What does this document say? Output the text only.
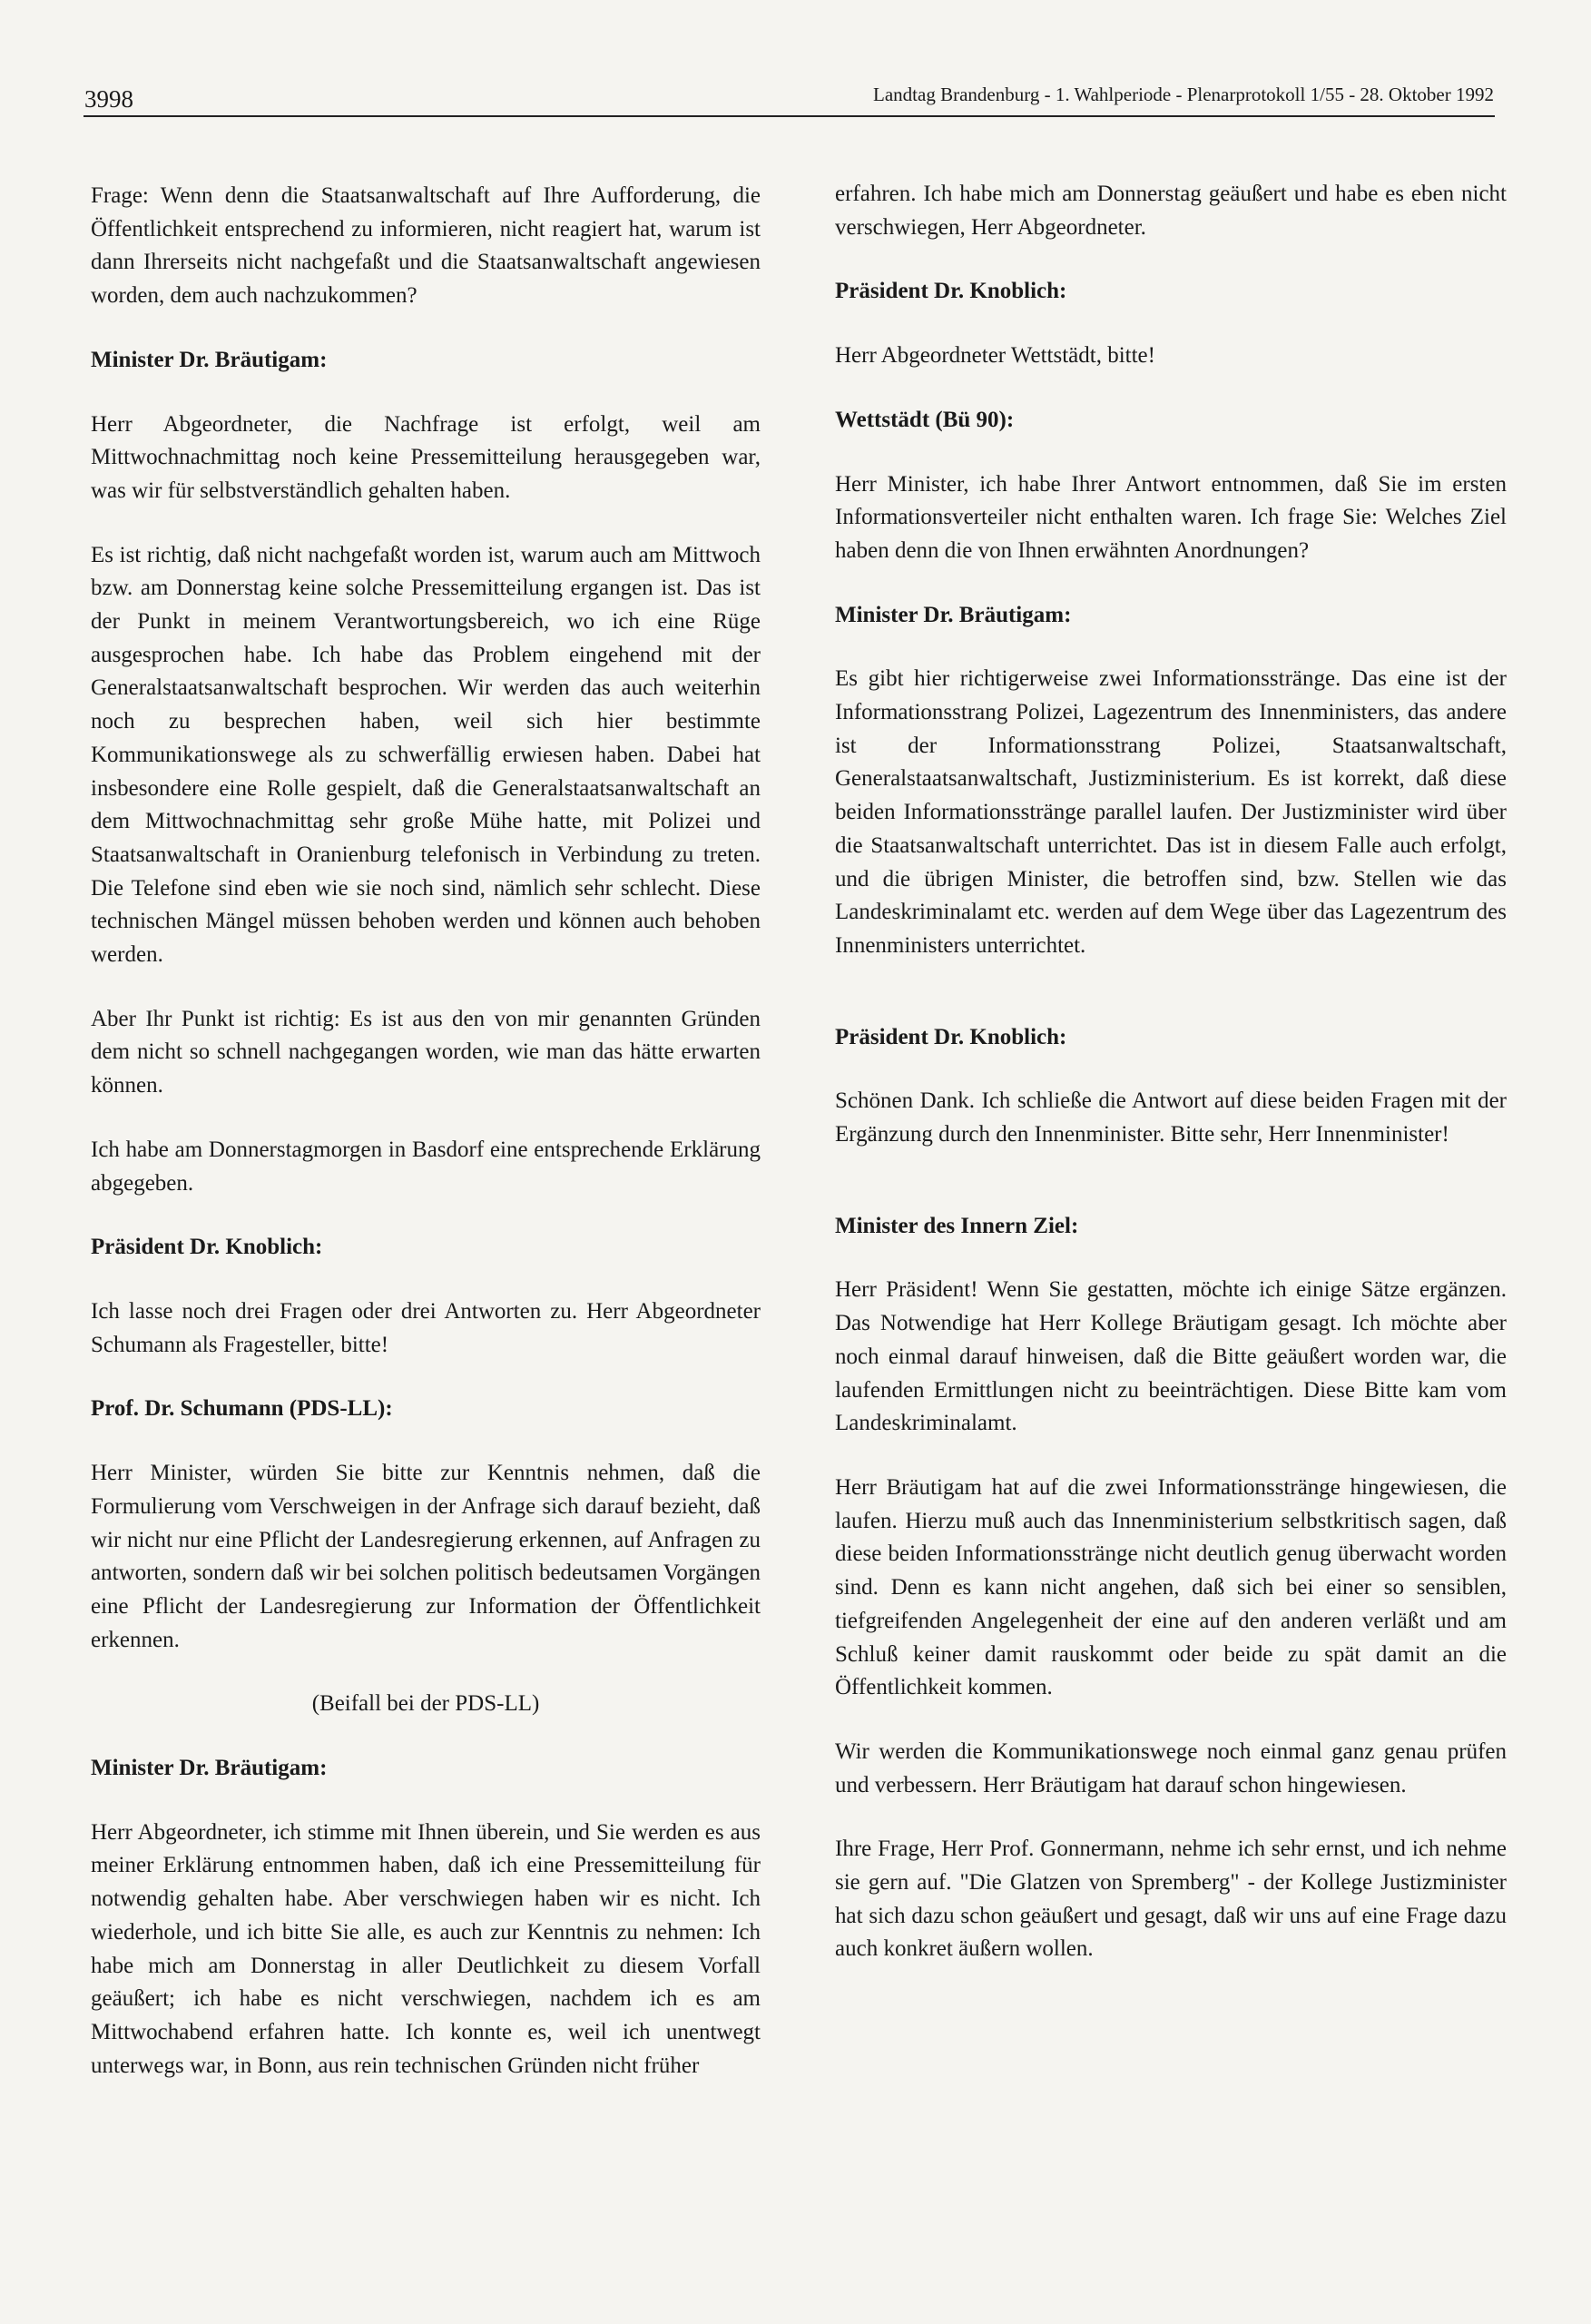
3998	Landtag Brandenburg - 1. Wahlperiode - Plenarprotokoll 1/55 - 28. Oktober 1992

Frage: Wenn denn die Staatsanwaltschaft auf Ihre Aufforderung, die Öffentlichkeit entsprechend zu informieren, nicht reagiert hat, warum ist dann Ihrerseits nicht nachgefaßt und die Staatsanwaltschaft angewiesen worden, dem auch nachzukommen?

Minister Dr. Bräutigam:

Herr Abgeordneter, die Nachfrage ist erfolgt, weil am Mittwochnachmittag noch keine Pressemitteilung herausgegeben war, was wir für selbstverständlich gehalten haben.

Es ist richtig, daß nicht nachgefaßt worden ist, warum auch am Mittwoch bzw. am Donnerstag keine solche Pressemitteilung ergangen ist. Das ist der Punkt in meinem Verantwortungsbereich, wo ich eine Rüge ausgesprochen habe. Ich habe das Problem eingehend mit der Generalstaatsanwaltschaft besprochen. Wir werden das auch weiterhin noch zu besprechen haben, weil sich hier bestimmte Kommunikationswege als zu schwerfällig erwiesen haben. Dabei hat insbesondere eine Rolle gespielt, daß die Generalstaatsanwaltschaft an dem Mittwochnachmittag sehr große Mühe hatte, mit Polizei und Staatsanwaltschaft in Oranienburg telefonisch in Verbindung zu treten. Die Telefone sind eben wie sie noch sind, nämlich sehr schlecht. Diese technischen Mängel müssen behoben werden und können auch behoben werden.

Aber Ihr Punkt ist richtig: Es ist aus den von mir genannten Gründen dem nicht so schnell nachgegangen worden, wie man das hätte erwarten können.

Ich habe am Donnerstagmorgen in Basdorf eine entsprechende Erklärung abgegeben.

Präsident Dr. Knoblich:

Ich lasse noch drei Fragen oder drei Antworten zu. Herr Abgeordneter Schumann als Fragesteller, bitte!

Prof. Dr. Schumann (PDS-LL):

Herr Minister, würden Sie bitte zur Kenntnis nehmen, daß die Formulierung vom Verschweigen in der Anfrage sich darauf bezieht, daß wir nicht nur eine Pflicht der Landesregierung erkennen, auf Anfragen zu antworten, sondern daß wir bei solchen politisch bedeutsamen Vorgängen eine Pflicht der Landesregierung zur Information der Öffentlichkeit erkennen.

(Beifall bei der PDS-LL)

Minister Dr. Bräutigam:

Herr Abgeordneter, ich stimme mit Ihnen überein, und Sie werden es aus meiner Erklärung entnommen haben, daß ich eine Pressemitteilung für notwendig gehalten habe. Aber verschwiegen haben wir es nicht. Ich wiederhole, und ich bitte Sie alle, es auch zur Kenntnis zu nehmen: Ich habe mich am Donnerstag in aller Deutlichkeit zu diesem Vorfall geäußert; ich habe es nicht verschwiegen, nachdem ich es am Mittwochabend erfahren hatte. Ich konnte es, weil ich unentwegt unterwegs war, in Bonn, aus rein technischen Gründen nicht früher

erfahren. Ich habe mich am Donnerstag geäußert und habe es eben nicht verschwiegen, Herr Abgeordneter.

Präsident Dr. Knoblich:

Herr Abgeordneter Wettstädt, bitte!

Wettstädt (Bü 90):

Herr Minister, ich habe Ihrer Antwort entnommen, daß Sie im ersten Informationsverteiler nicht enthalten waren. Ich frage Sie: Welches Ziel haben denn die von Ihnen erwähnten Anordnungen?

Minister Dr. Bräutigam:

Es gibt hier richtigerweise zwei Informationsstränge. Das eine ist der Informationsstrang Polizei, Lagezentrum des Innenministers, das andere ist der Informationsstrang Polizei, Staatsanwaltschaft, Generalstaatsanwaltschaft, Justizministerium. Es ist korrekt, daß diese beiden Informationsstränge parallel laufen. Der Justizminister wird über die Staatsanwaltschaft unterrichtet. Das ist in diesem Falle auch erfolgt, und die übrigen Minister, die betroffen sind, bzw. Stellen wie das Landeskriminalamt etc. werden auf dem Wege über das Lagezentrum des Innenministers unterrichtet.

Präsident Dr. Knoblich:

Schönen Dank. Ich schließe die Antwort auf diese beiden Fragen mit der Ergänzung durch den Innenminister. Bitte sehr, Herr Innenminister!

Minister des Innern Ziel:

Herr Präsident! Wenn Sie gestatten, möchte ich einige Sätze ergänzen. Das Notwendige hat Herr Kollege Bräutigam gesagt. Ich möchte aber noch einmal darauf hinweisen, daß die Bitte geäußert worden war, die laufenden Ermittlungen nicht zu beeinträchtigen. Diese Bitte kam vom Landeskriminalamt.

Herr Bräutigam hat auf die zwei Informationsstränge hingewiesen, die laufen. Hierzu muß auch das Innenministerium selbstkritisch sagen, daß diese beiden Informationsstränge nicht deutlich genug überwacht worden sind. Denn es kann nicht angehen, daß sich bei einer so sensiblen, tiefgreifenden Angelegenheit der eine auf den anderen verläßt und am Schluß keiner damit rauskommt oder beide zu spät damit an die Öffentlichkeit kommen.

Wir werden die Kommunikationswege noch einmal ganz genau prüfen und verbessern. Herr Bräutigam hat darauf schon hingewiesen.

Ihre Frage, Herr Prof. Gonnermann, nehme ich sehr ernst, und ich nehme sie gern auf. "Die Glatzen von Spremberg" - der Kollege Justizminister hat sich dazu schon geäußert und gesagt, daß wir uns auf eine Frage dazu auch konkret äußern wollen.
